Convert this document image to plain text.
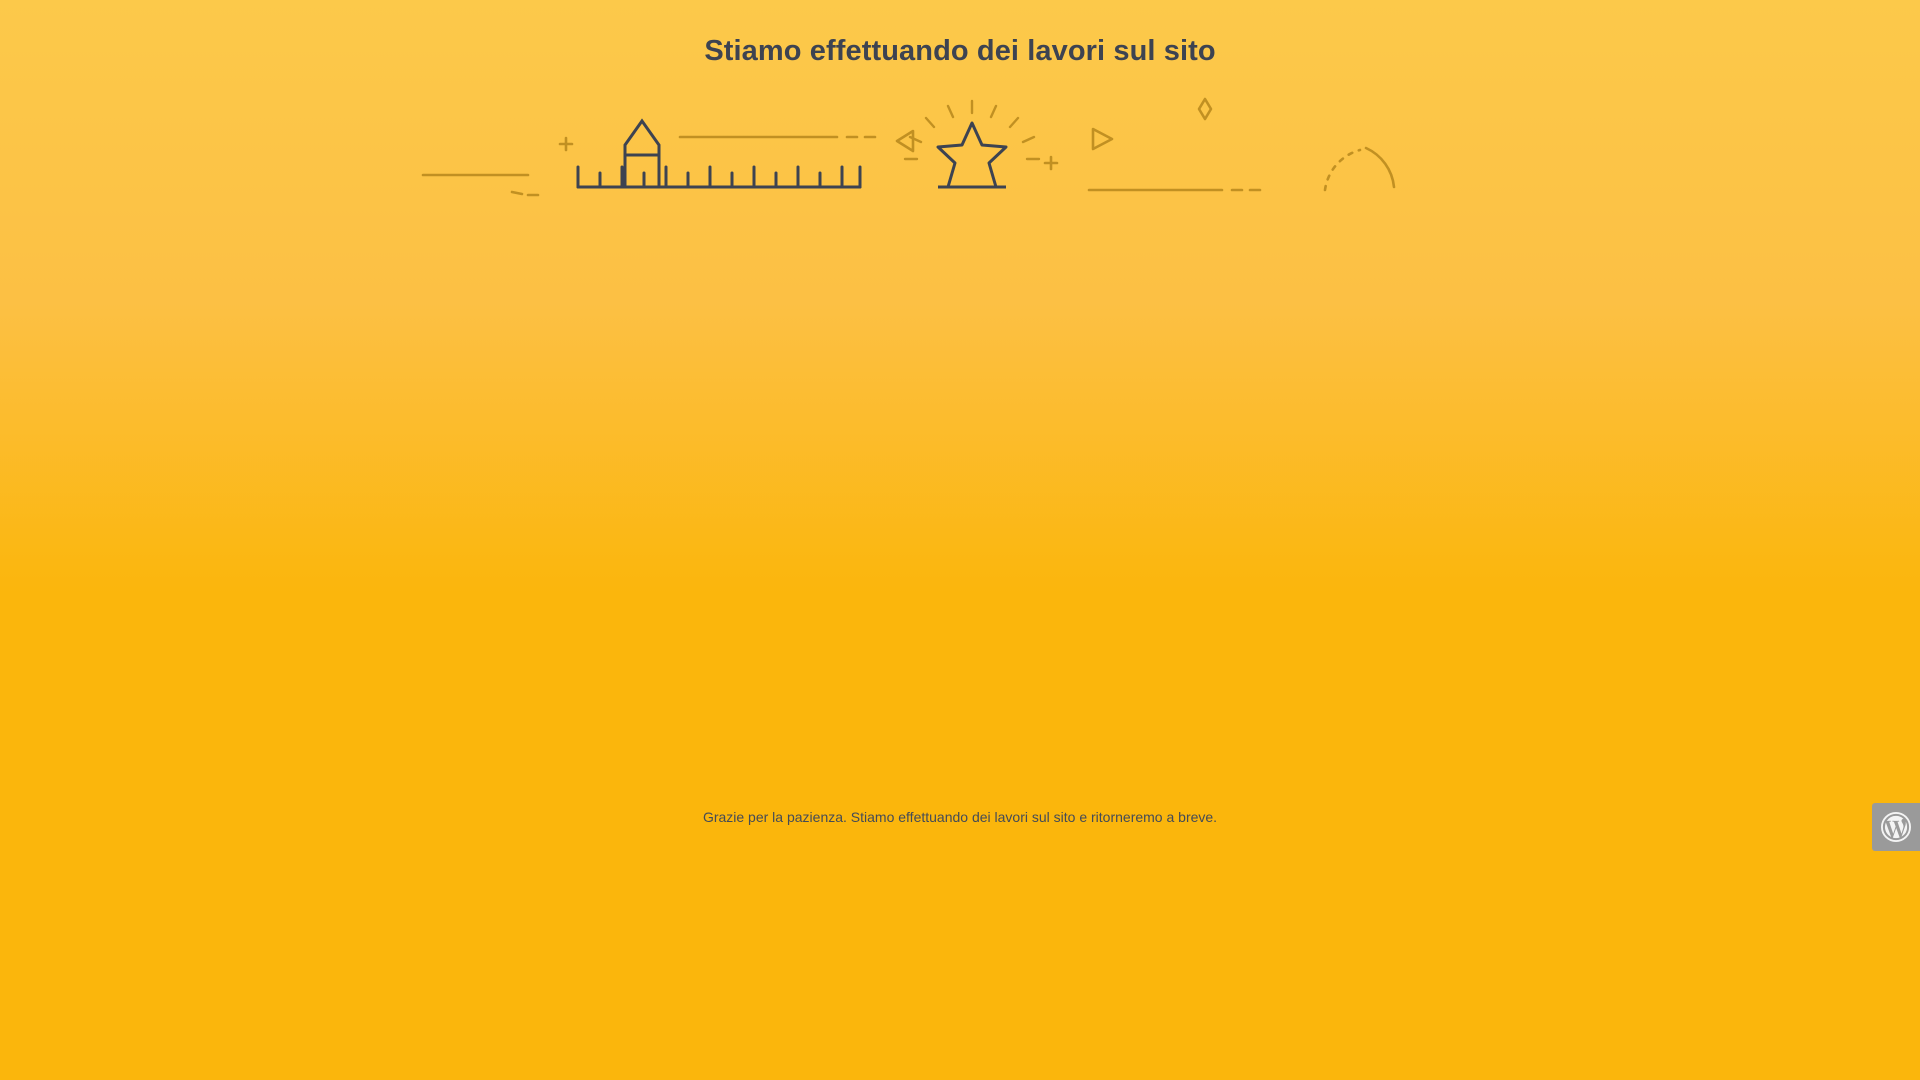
Stiamo effettuando dei lavori sul sito

Grazie per la pazienza. Stiamo effettuando dei lavori sul sito e ritorneremo a breve.
